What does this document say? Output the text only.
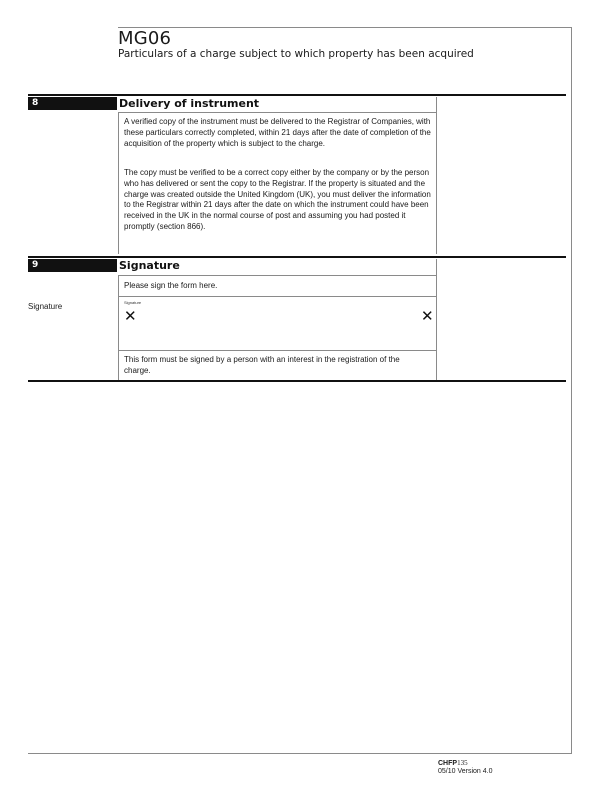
MG06
Particulars of a charge subject to which property has been acquired
8	Delivery of instrument
A verified copy of the instrument must be delivered to the Registrar of Companies, with these particulars correctly completed, within 21 days after the date of completion of the acquisition of the property which is subject to the charge.
The copy must be verified to be a correct copy either by the company or by the person who has delivered or sent the copy to the Registrar. If the property is situated and the charge was created outside the United Kingdom (UK), you must deliver the information to the Registrar within 21 days after the date on which the instrument could have been received in the UK in the normal course of post and assuming you had posted it promptly (section 866).
9	Signature
Please sign the form here.
Signature	Signature
✕	✕
This form must be signed by a person with an interest in the registration of the charge.
CHFP135
05/10 Version 4.0
